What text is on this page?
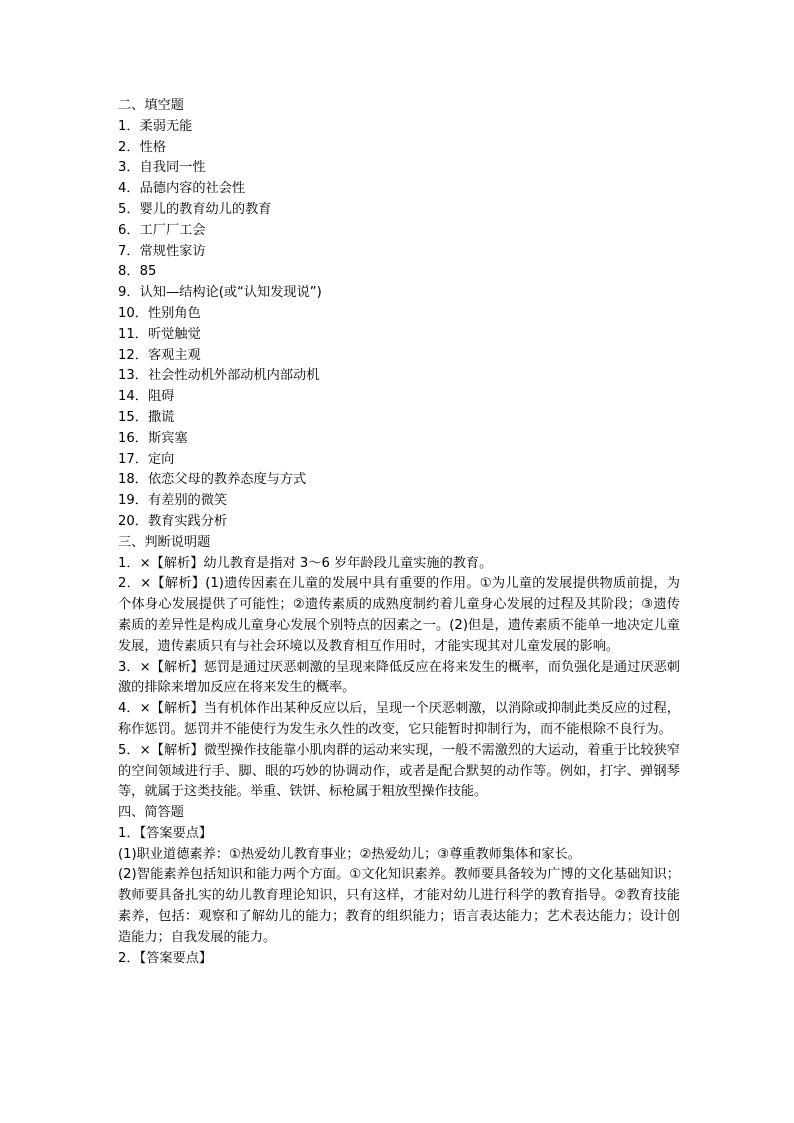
二、填空题
1．柔弱无能
2．性格
3．自我同一性
4．品德内容的社会性
5．婴儿的教育幼儿的教育
6．工厂厂工会
7．常规性家访
8．85
9．认知—结构论(或“认知发现说”)
10．性别角色
11．听觉触觉
12．客观主观
13．社会性动机外部动机内部动机
14．阻碍
15．撒谎
16．斯宾塞
17．定向
18．依恋父母的教养态度与方式
19．有差别的微笑
20．教育实践分析
三、判断说明题
1．×【解析】幼儿教育是指对 3～6 岁年龄段儿童实施的教育。
2．×【解析】(1)遗传因素在儿童的发展中具有重要的作用。①为儿童的发展提供物质前提，为个体身心发展提供了可能性；②遗传素质的成熟度制约着儿童身心发展的过程及其阶段；③遗传素质的差异性是构成儿童身心发展个别特点的因素之一。(2)但是，遗传素质不能单一地决定儿童发展，遗传素质只有与社会环境以及教育相互作用时，才能实现其对儿童发展的影响。
3．×【解析】惩罚是通过厌恶刺激的呈现来降低反应在将来发生的概率，而负强化是通过厌恶刺激的排除来增加反应在将来发生的概率。
4．×【解析】当有机体作出某种反应以后，呈现一个厌恶刺激，以消除或抑制此类反应的过程，称作惩罚。惩罚并不能使行为发生永久性的改变，它只能暂时抑制行为，而不能根除不良行为。
5．×【解析】微型操作技能靠小肌肉群的运动来实现，一般不需激烈的大运动，着重于比较狭窄的空间领域进行手、脚、眼的巧妙的协调动作，或者是配合默契的动作等。例如，打字、弹钢琴等，就属于这类技能。举重、铁饼、标枪属于粗放型操作技能。
四、简答题
1．【答案要点】
(1)职业道德素养：①热爱幼儿教育事业；②热爱幼儿；③尊重教师集体和家长。
(2)智能素养包括知识和能力两个方面。①文化知识素养。教师要具备较为广博的文化基础知识；教师要具备扎实的幼儿教育理论知识，只有这样，才能对幼儿进行科学的教育指导。②教育技能素养，包括：观察和了解幼儿的能力；教育的组织能力；语言表达能力；艺术表达能力；设计创造能力；自我发展的能力。
2．【答案要点】
